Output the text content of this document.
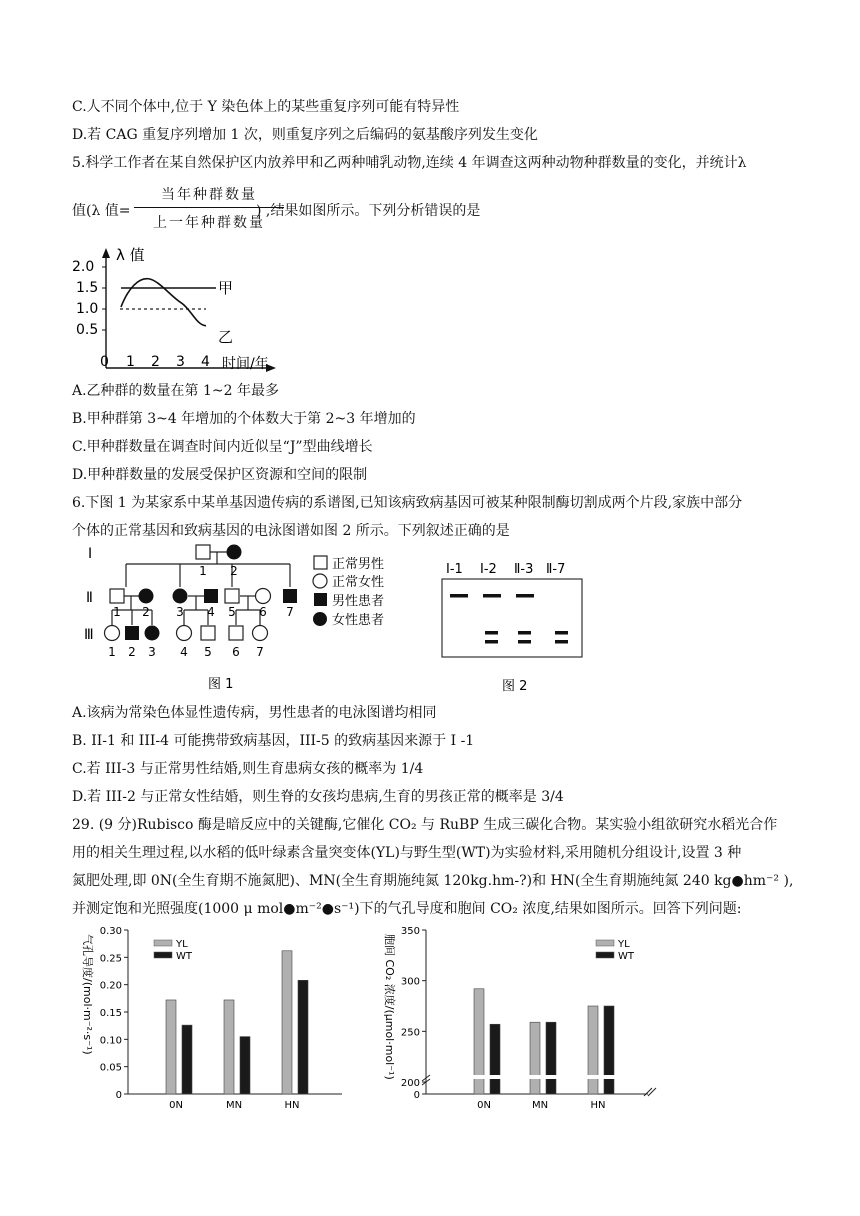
C.人不同个体中,位于 Y 染色体上的某些重复序列可能有特异性
D.若 CAG 重复序列增加 1 次，则重复序列之后编码的氨基酸序列发生变化
5.科学工作者在某自然保护区内放养甲和乙两种哺乳动物,连续 4 年调查这两种动物种群数量的变化，并统计λ
值(λ 值=
当年种群数量
上一年种群数量
) ,结果如图所示。下列分析错误的是
λ 值
2.0
1.5
1.0
0.5
0 1 2 3 4 时间/年
甲
乙
A.乙种群的数量在第 1~2 年最多
B.甲种群第 3~4 年增加的个体数大于第 2~3 年增加的
C.甲种群数量在调查时间内近似呈“J”型曲线增长
D.甲种群数量的发展受保护区资源和空间的限制
6.下图 1 为某家系中某单基因遗传病的系谱图,已知该病致病基因可被某种限制酶切割成两个片段,家族中部分
个体的正常基因和致病基因的电泳图谱如图 2 所示。下列叙述正确的是
Ⅰ
Ⅱ
Ⅲ
1 2
1 2 3 4 5 6 7
1 2 3 4 5 6 7
正常男性
正常女性
男性患者
女性患者
图 1
Ⅰ-1 Ⅰ-2 Ⅱ-3 Ⅱ-7
图 2
A.该病为常染色体显性遗传病，男性患者的电泳图谱均相同
B. II-1 和 III-4 可能携带致病基因，III-5 的致病基因来源于 I -1
C.若 III-3 与正常男性结婚,则生育患病女孩的概率为 1/4
D.若 III-2 与正常女性结婚，则生脊的女孩均患病,生育的男孩正常的概率是 3/4
29. (9 分)Rubisco 酶是暗反应中的关键酶,它催化 CO₂ 与 RuBP 生成三碳化合物。某实验小组欲研究水稻光合作
用的相关生理过程,以水稻的低叶绿素含量突变体(YL)与野生型(WT)为实验材料,采用随机分组设计,设置 3 种
氮肥处理,即 0N(全生育期不施氮肥)、MN(全生育期施纯氮 120kg.hm-?)和 HN(全生育期施纯氮 240 kg●hm⁻² ),
并测定饱和光照强度(1000 μ mol●m⁻²●s⁻¹)下的气孔导度和胞间 CO₂ 浓度,结果如图所示。回答下列问题:
0
0.05
0.10
0.15
0.20
0.25
0.30
气孔导度/(mol·m⁻²·s⁻¹)	YL
WT
0N	MN	HN
0
200
250
300
350
胞间 CO₂ 浓度/(μmol·mol⁻¹)	YL
WT
0N	MN	HN
